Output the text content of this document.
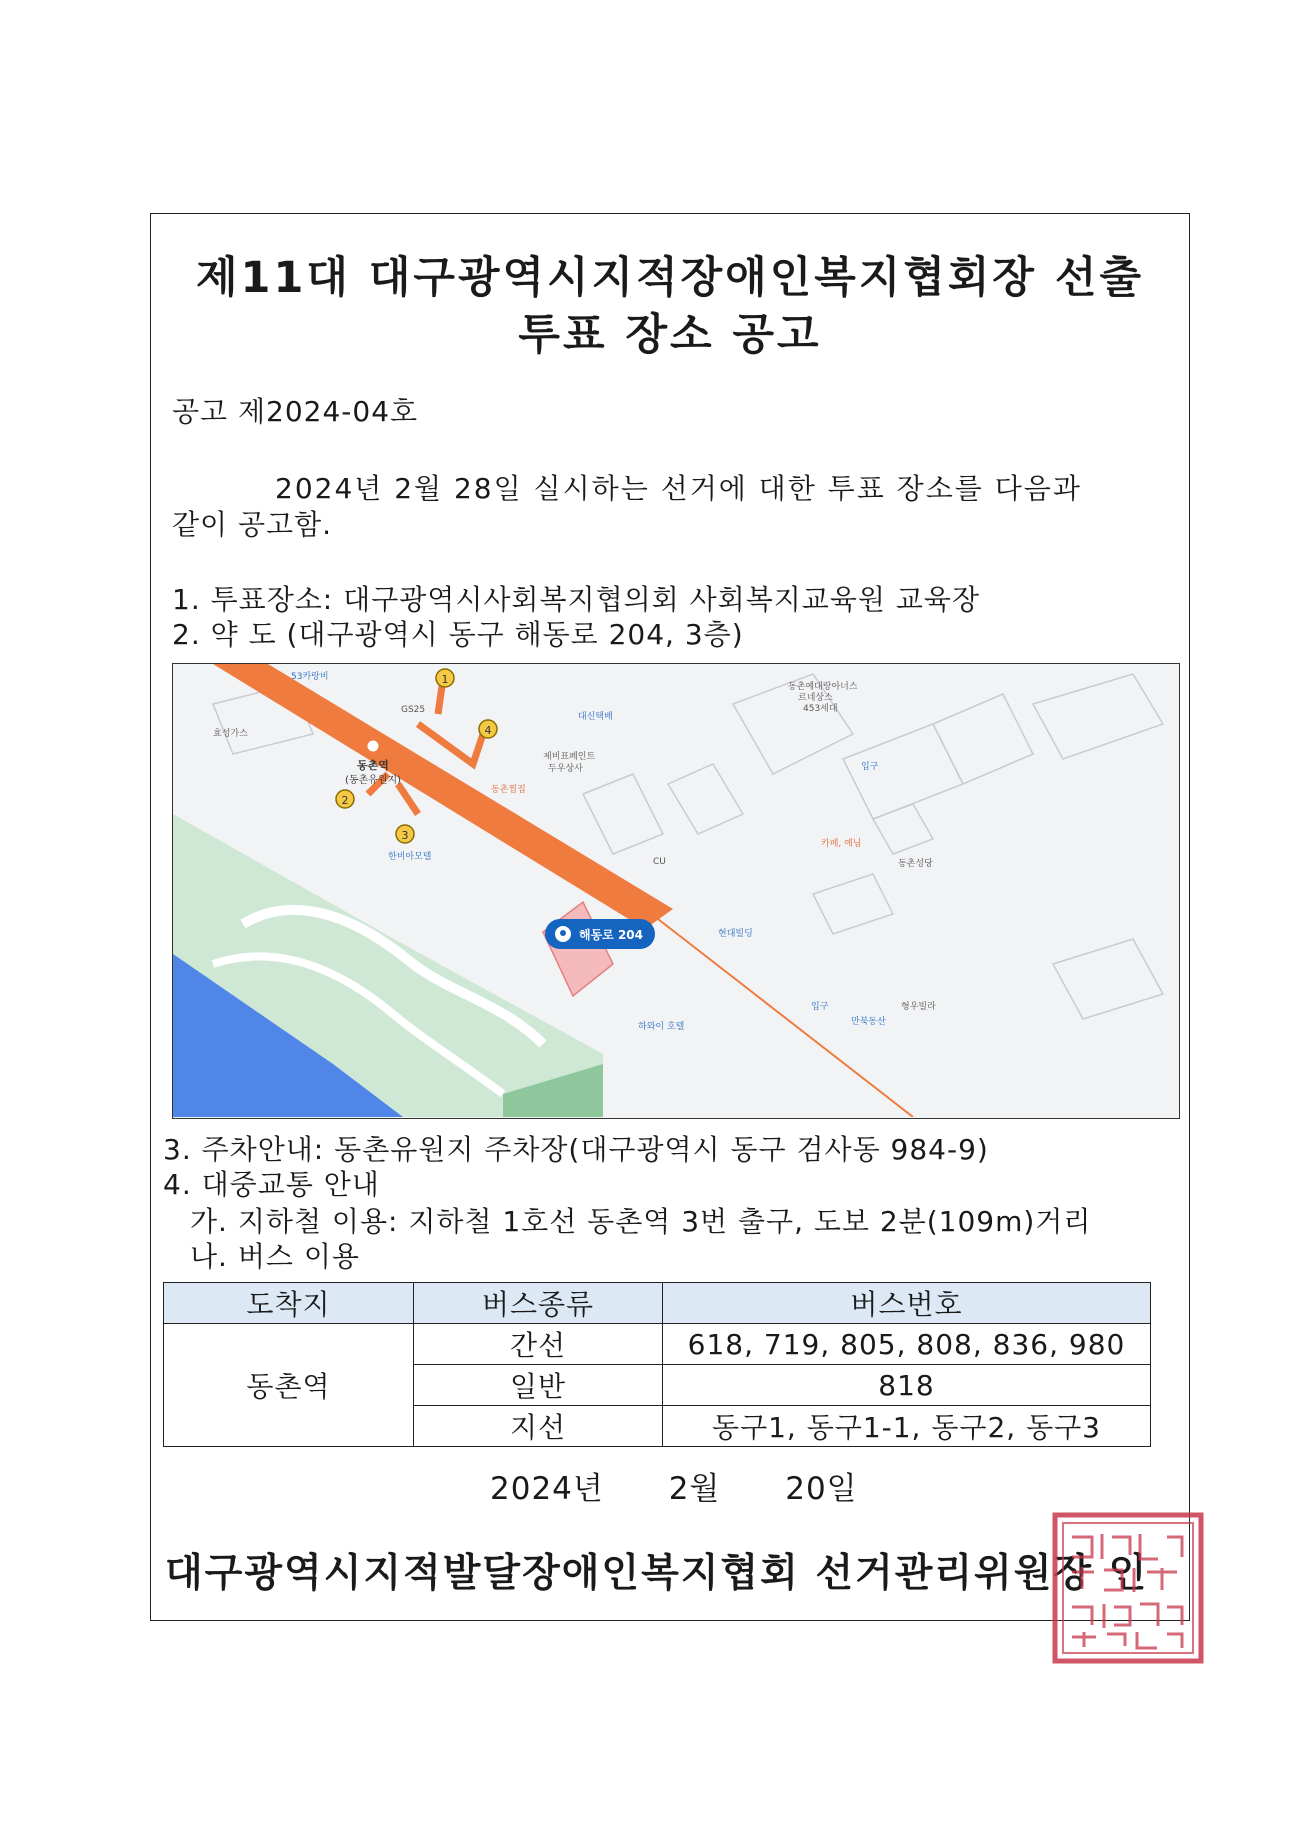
제11대 대구광역시지적장애인복지협회장 선출
투표 장소 공고
공고 제2024-04호
2024년 2월 28일 실시하는 선거에 대한 투표 장소를 다음과
같이 공고함.
1. 투표장소: 대구광역시사회복지협의회 사회복지교육원 교육장
2. 약 도 (대구광역시 동구 해동로 204, 3층)
1
2
3
4
동촌역
(동촌유원지)
해동로 204
GS25
CU
효성가스
한비아모텔
대신택배
제비표페인트
두우상사
동촌찜집
동촌예대랑아너스
르네상스
453세대
동촌성당
현대빌딩
카페, 예님
입구
입구	형우빌라
하와이 호텔	만북동산
53카랑비
3. 주차안내: 동촌유원지 주차장(대구광역시 동구 검사동 984-9)
4. 대중교통 안내
가. 지하철 이용: 지하철 1호선 동촌역 3번 출구, 도보 2분(109m)거리
나. 버스 이용
도착지	버스종류	버스번호
동촌역	간선	618, 719, 805, 808, 836, 980
	일반	818
	지선	동구1, 동구1-1, 동구2, 동구3
2024년 2월 20일
대구광역시지적발달장애인복지협회 선거관리위원장 인
